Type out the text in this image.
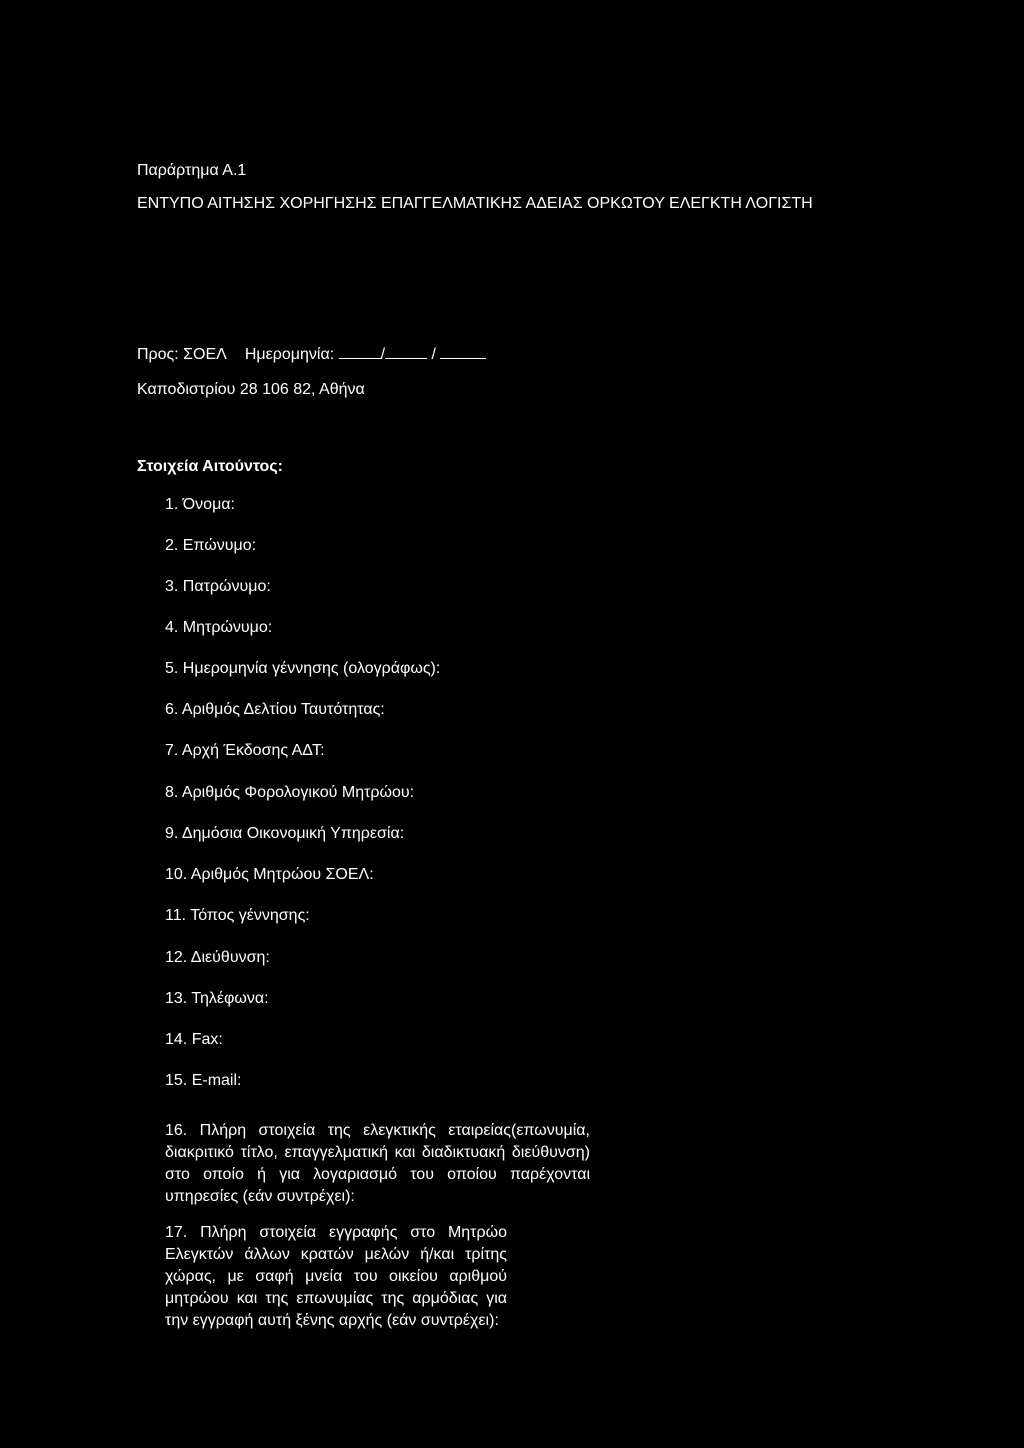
Παράρτημα Α.1

ΕΝΤΥΠΟ ΑΙΤΗΣΗΣ ΧΟΡΗΓΗΣΗΣ ΕΠΑΓΓΕΛΜΑΤΙΚΗΣ ΑΔΕΙΑΣ ΟΡΚΩΤΟΥ ΕΛΕΓΚΤΗ ΛΟΓΙΣΤΗ

Προς: ΣΟΕΛ Ημερομηνία:	/	/

Καποδιστρίου 28 106 82, Αθήνα

Στοιχεία Αιτούντος:

1. Όνομα:

2. Επώνυμο:

3. Πατρώνυμο:

4. Μητρώνυμο:

5. Ημερομηνία γέννησης (ολογράφως):

6. Αριθμός Δελτίου Ταυτότητας:

7. Αρχή Έκδοσης ΑΔΤ:

8. Αριθμός Φορολογικού Μητρώου:

9. Δημόσια Οικονομική Υπηρεσία:

10. Αριθμός Μητρώου ΣΟΕΛ:

11. Τόπος γέννησης:

12. Διεύθυνση:

13. Τηλέφωνα:

14. Fax:

15. E-mail:

16. Πλήρη στοιχεία της ελεγκτικής εταιρείας(επωνυμία, διακριτικό τίτλο, επαγγελματική και διαδικτυακή διεύθυνση) στο οποίο ή για λογαριασμό του οποίου παρέχονται υπηρεσίες (εάν συντρέχει):

17. Πλήρη στοιχεία εγγραφής στο Μητρώο Ελεγκτών άλλων κρατών μελών ή/και τρίτης χώρας, με σαφή μνεία του οικείου αριθμού μητρώου και της επωνυμίας της αρμόδιας για την εγγραφή αυτή ξένης αρχής (εάν συντρέχει):
